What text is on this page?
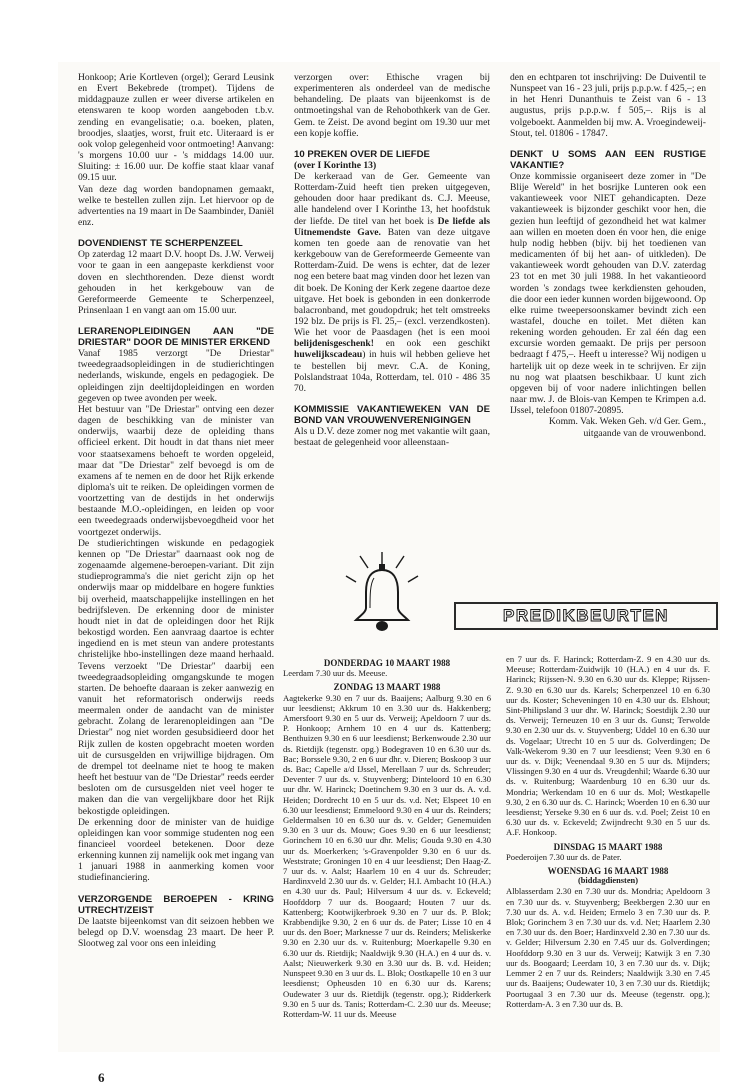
Honkoop; Arie Kortleven (orgel); Gerard Leusink en Evert Bekebrede (trompet). Tijdens de middagpauze zullen er weer diverse artikelen en etenswaren te koop worden aangeboden t.b.v. zending en evangelisatie; o.a. boeken, platen, broodjes, slaatjes, worst, fruit etc. Uiteraard is er ook volop gelegenheid voor ontmoeting! Aanvang: 's morgens 10.00 uur - 's middags 14.00 uur. Sluiting: ± 16.00 uur. De koffie staat klaar vanaf 09.15 uur.

Van deze dag worden bandopnamen gemaakt, welke te bestellen zullen zijn. Let hiervoor op de advertenties na 19 maart in De Saambinder, Daniël enz.

DOVENDIENST TE SCHERPENZEEL

Op zaterdag 12 maart D.V. hoopt Ds. J.W. Verweij voor te gaan in een aangepaste kerkdienst voor doven en slechthorenden. Deze dienst wordt gehouden in het kerkgebouw van de Gereformeerde Gemeente te Scherpenzeel, Prinsenlaan 1 en vangt aan om 15.00 uur.

LERARENOPLEIDINGEN AAN "DE DRIESTAR" DOOR DE MINISTER ERKEND

Vanaf 1985 verzorgt "De Driestar" tweedegraadsopleidingen in de studierichtingen nederlands, wiskunde, engels en pedagogiek. De opleidingen zijn deeltijdopleidingen en worden gegeven op twee avonden per week.

Het bestuur van "De Driestar" ontving een dezer dagen de beschikking van de minister van onderwijs, waarbij deze de opleiding thans officieel erkent. Dit houdt in dat thans niet meer voor staatsexamens behoeft te worden opgeleid, maar dat "De Driestar" zelf bevoegd is om de examens af te nemen en de door het Rijk erkende diploma's uit te reiken. De opleidingen vormen de voortzetting van de destijds in het onderwijs bestaande M.O.-opleidingen, en leiden op voor een tweedegraads onderwijsbevoegdheid voor het voortgezet onderwijs.

De studierichtingen wiskunde en pedagogiek kennen op "De Driestar" daarnaast ook nog de zogenaamde algemene-beroepen-variant. Dit zijn studieprogramma's die niet gericht zijn op het onderwijs maar op middelbare en hogere funkties bij overheid, maatschappelijke instellingen en het bedrijfsleven. De erkenning door de minister houdt niet in dat de opleidingen door het Rijk bekostigd worden. Een aanvraag daartoe is echter ingediend en is met steun van andere protestants christelijke hbo-instellingen deze maand herhaald. Tevens verzoekt "De Driestar" daarbij een tweedegraadsopleiding omgangskunde te mogen starten. De behoefte daaraan is zeker aanwezig en vanuit het reformatorisch onderwijs reeds meermalen onder de aandacht van de minister gebracht. Zolang de lerarenopleidingen aan "De Driestar" nog niet worden gesubsidieerd door het Rijk zullen de kosten opgebracht moeten worden uit de cursusgelden en vrijwillige bijdragen. Om de drempel tot deelname niet te hoog te maken heeft het bestuur van de "De Driestar" reeds eerder besloten om de cursusgelden niet veel hoger te maken dan die van vergelijkbare door het Rijk bekostigde opleidingen.

De erkenning door de minister van de huidige opleidingen kan voor sommige studenten nog een financieel voordeel betekenen. Door deze erkenning kunnen zij namelijk ook met ingang van 1 januari 1988 in aanmerking komen voor studiefinanciering.

VERZORGENDE BEROEPEN - KRING UTRECHT/ZEIST

De laatste bijeenkomst van dit seizoen hebben we belegd op D.V. woensdag 23 maart. De heer P. Slootweg zal voor ons een inleiding

verzorgen over: Ethische vragen bij experimenteren als onderdeel van de medische behandeling. De plaats van bijeenkomst is de ontmoetingshal van de Rehobothkerk van de Ger. Gem. te Zeist. De avond begint om 19.30 uur met een kopje koffie.

10 PREKEN OVER DE LIEFDE
(over I Korinthe 13)

De kerkeraad van de Ger. Gemeente van Rotterdam-Zuid heeft tien preken uitgegeven, gehouden door haar predikant ds. C.J. Meeuse, alle handelend over I Korinthe 13, het hoofdstuk der liefde. De titel van het boek is De liefde als Uitnemendste Gave. Baten van deze uitgave komen ten goede aan de renovatie van het kerkgebouw van de Gereformeerde Gemeente van Rotterdam-Zuid. De wens is echter, dat de lezer nog een betere baat mag vinden door het lezen van dit boek. De Koning der Kerk zegene daartoe deze uitgave. Het boek is gebonden in een donkerrode balacronband, met goudopdruk; het telt omstreeks 192 blz. De prijs is Fl. 25,– (excl. verzendkosten). Wie het voor de Paasdagen (het is een mooi belijdenisgeschenk! en ook een geschikt huwelijkscadeau) in huis wil hebben gelieve het te bestellen bij mevr. C.A. de Koning, Polslandstraat 104a, Rotterdam, tel. 010 - 486 35 70.

KOMMISSIE VAKANTIEWEKEN VAN DE BOND VAN VROUWENVERENIGINGEN

Als u D.V. deze zomer nog met vakantie wilt gaan, bestaat de gelegenheid voor alleenstaan-

den en echtparen tot inschrijving: De Duiventil te Nunspeet van 16 - 23 juli, prijs p.p.p.w. f 425,–; en in het Henri Dunanthuis te Zeist van 6 - 13 augustus, prijs p.p.p.w. f 505,–. Rijs is al volgeboekt. Aanmelden bij mw. A. Vroegindeweij-Stout, tel. 01806 - 17847.

DENKT U SOMS AAN EEN RUSTIGE VAKANTIE?

Onze kommissie organiseert deze zomer in "De Blije Wereld" in het bosrijke Lunteren ook een vakantieweek voor NIET gehandicapten. Deze vakantieweek is bijzonder geschikt voor hen, die gezien hun leeftijd of gezondheid het wat kalmer aan willen en moeten doen én voor hen, die enige hulp nodig hebben (bijv. bij het toedienen van medicamenten óf bij het aan- of uitkleden). De vakantieweek wordt gehouden van D.V. zaterdag 23 tot en met 30 juli 1988. In het vakantieoord worden 's zondags twee kerkdiensten gehouden, die door een ieder kunnen worden bijgewoond. Op elke ruime tweepersoonskamer bevindt zich een wastafel, douche en toilet. Met diëten kan rekening worden gehouden. Er zal één dag een excursie worden gemaakt. De prijs per persoon bedraagt f 475,–. Heeft u interesse? Wij nodigen u hartelijk uit op deze week in te schrijven. Er zijn nu nog wat plaatsen beschikbaar. U kunt zich opgeven bij of voor nadere inlichtingen bellen naar mw. J. de Blois-van Kempen te Krimpen a.d. IJssel, telefoon 01807-20895.

Komm. Vak. Weken Geh. v/d Ger. Gem.,

uitgaande van de vrouwenbond.

PREDIKBEURTEN
DONDERDAG 10 MAART 1988

Leerdam 7.30 uur ds. Meeuse.

ZONDAG 13 MAART 1988

Aagtekerke 9.30 en 7 uur ds. Baaijens; Aalburg 9.30 en 6 uur leesdienst; Akkrum 10 en 3.30 uur ds. Hakkenberg; Amersfoort 9.30 en 5 uur ds. Verweij; Apeldoorn 7 uur ds. P. Honkoop; Arnhem 10 en 4 uur ds. Kattenberg; Benthuizen 9.30 en 6 uur leesdienst; Berkenwoude 2.30 uur ds. Rietdijk (tegenstr. opg.) Bodegraven 10 en 6.30 uur ds. Bac; Borssele 9.30, 2 en 6 uur dhr. v. Dieren; Boskoop 3 uur ds. Bac; Capelle a/d IJssel, Merellaan 7 uur ds. Schreuder; Deventer 7 uur ds. v. Stuyvenberg; Dinteloord 10 en 6.30 uur dhr. W. Harinck; Doetinchem 9.30 en 3 uur ds. A. v.d. Heiden; Dordrecht 10 en 5 uur ds. v.d. Net; Elspeet 10 en 6.30 uur leesdienst; Emmeloord 9.30 en 4 uur ds. Reinders; Geldermalsen 10 en 6.30 uur ds. v. Gelder; Genemuiden 9.30 en 3 uur ds. Mouw; Goes 9.30 en 6 uur leesdienst; Gorinchem 10 en 6.30 uur dhr. Melis; Gouda 9.30 en 4.30 uur ds. Moerkerken; 's-Gravenpolder 9.30 en 6 uur ds. Weststrate; Groningen 10 en 4 uur leesdienst; Den Haag-Z. 7 uur ds. v. Aalst; Haarlem 10 en 4 uur ds. Schreuder; Hardinxveld 2.30 uur ds. v. Gelder; H.I. Ambacht 10 (H.A.) en 4.30 uur ds. Paul; Hilversum 4 uur ds. v. Eckeveld; Hoofddorp 7 uur ds. Boogaard; Houten 7 uur ds. Kattenberg; Kootwijkerbroek 9.30 en 7 uur ds. P. Blok; Krabbendijke 9.30, 2 en 6 uur ds. de Pater; Lisse 10 en 4 uur ds. den Boer; Marknesse 7 uur ds. Reinders; Meliskerke 9.30 en 2.30 uur ds. v. Ruitenburg; Moerkapelle 9.30 en 6.30 uur ds. Rietdijk; Naaldwijk 9.30 (H.A.) en 4 uur ds. v. Aalst; Nieuwerkerk 9.30 en 3.30 uur ds. B. v.d. Heiden; Nunspeet 9.30 en 3 uur ds. L. Blok; Oostkapelle 10 en 3 uur leesdienst; Opheusden 10 en 6.30 uur ds. Karens; Oudewater 3 uur ds. Rietdijk (tegenstr. opg.); Ridderkerk 9.30 en 5 uur ds. Tanis; Rotterdam-C. 2.30 uur ds. Meeuse; Rotterdam-W. 11 uur ds. Meeuse

en 7 uur ds. F. Harinck; Rotterdam-Z. 9 en 4.30 uur ds. Meeuse; Rotterdam-Zuidwijk 10 (H.A.) en 4 uur ds. F. Harinck; Rijssen-N. 9.30 en 6.30 uur ds. Kleppe; Rijssen-Z. 9.30 en 6.30 uur ds. Karels; Scherpenzeel 10 en 6.30 uur ds. Koster; Scheveningen 10 en 4.30 uur ds. Elshout; Sint-Philipsland 3 uur dhr. W. Harinck; Soestdijk 2.30 uur ds. Verweij; Terneuzen 10 en 3 uur ds. Gunst; Terwolde 9.30 en 2.30 uur ds. v. Stuyvenberg; Uddel 10 en 6.30 uur ds. Vogelaar; Utrecht 10 en 5 uur ds. Golverdingen; De Valk-Wekerom 9.30 en 7 uur leesdienst; Veen 9.30 en 6 uur ds. v. Dijk; Veenendaal 9.30 en 5 uur ds. Mijnders; Vlissingen 9.30 en 4 uur ds. Vreugdenhil; Waarde 6.30 uur ds. v. Ruitenburg; Waardenburg 10 en 6.30 uur ds. Mondria; Werkendam 10 en 6 uur ds. Mol; Westkapelle 9.30, 2 en 6.30 uur ds. C. Harinck; Woerden 10 en 6.30 uur leesdienst; Yerseke 9.30 en 6 uur ds. v.d. Poel; Zeist 10 en 6.30 uur ds. v. Eckeveld; Zwijndrecht 9.30 en 5 uur ds. A.F. Honkoop.

DINSDAG 15 MAART 1988

Poederoijen 7.30 uur ds. de Pater.

WOENSDAG 16 MAART 1988

(biddagdiensten)

Alblasserdam 2.30 en 7.30 uur ds. Mondria; Apeldoorn 3 en 7.30 uur ds. v. Stuyvenberg; Beekbergen 2.30 uur en 7.30 uur ds. A. v.d. Heiden; Ermelo 3 en 7.30 uur ds. P. Blok; Gorinchem 3 en 7.30 uur ds. v.d. Net; Haarlem 2.30 en 7.30 uur ds. den Boer; Hardinxveld 2.30 en 7.30 uur ds. v. Gelder; Hilversum 2.30 en 7.45 uur ds. Golverdingen; Hoofddorp 9.30 en 3 uur ds. Verweij; Katwijk 3 en 7.30 uur ds. Boogaard; Leerdam 10, 3 en 7.30 uur ds. v. Dijk; Lemmer 2 en 7 uur ds. Reinders; Naaldwijk 3.30 en 7.45 uur ds. Baaijens; Oudewater 10, 3 en 7.30 uur ds. Rietdijk; Poortugaal 3 en 7.30 uur ds. Meeuse (tegenstr. opg.); Rotterdam-A. 3 en 7.30 uur ds. B.

6
